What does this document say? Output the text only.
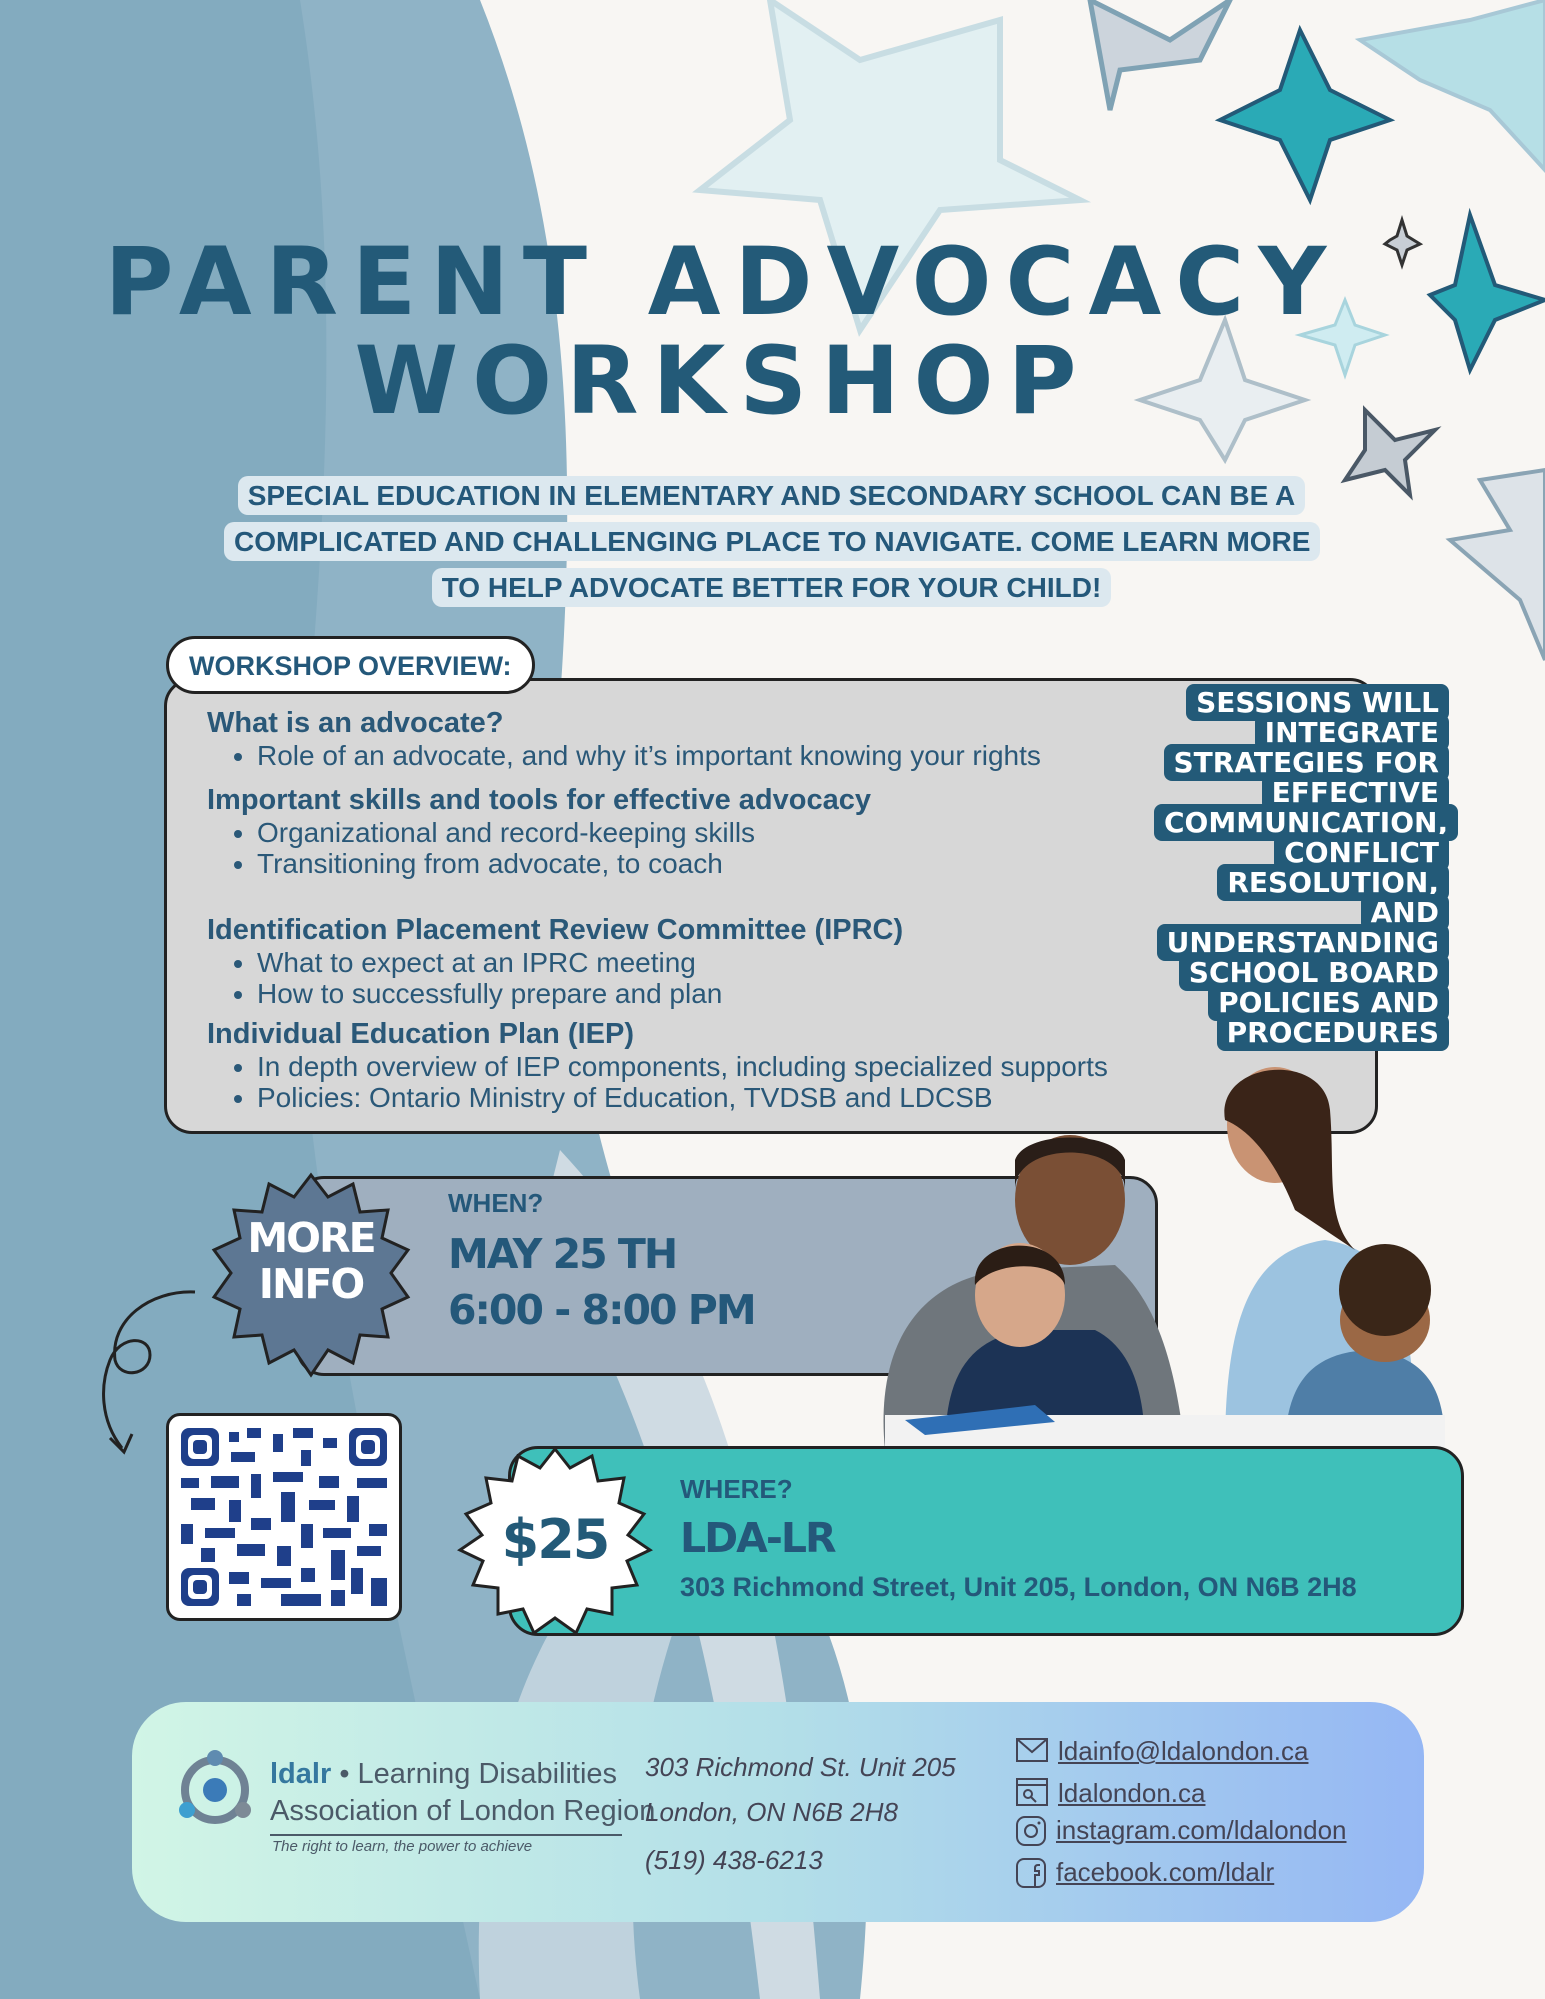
PARENT ADVOCACY
WORKSHOP
SPECIAL EDUCATION IN ELEMENTARY AND SECONDARY SCHOOL CAN BE A COMPLICATED AND CHALLENGING PLACE TO NAVIGATE. COME LEARN MORE TO HELP ADVOCATE BETTER FOR YOUR CHILD!
WORKSHOP OVERVIEW:

What is an advocate?

• Role of an advocate, and why it’s important knowing your rights

Important skills and tools for effective advocacy

• Organizational and record-keeping skills
• Transitioning from advocate, to coach

Identification Placement Review Committee (IPRC)

• What to expect at an IPRC meeting
• How to successfully prepare and plan

Individual Education Plan (IEP)

• In depth overview of IEP components, including specialized supports
• Policies: Ontario Ministry of Education, TVDSB and LDCSB
SESSIONS WILL INTEGRATE STRATEGIES FOR EFFECTIVE COMMUNICATION, CONFLICT RESOLUTION, AND UNDERSTANDING SCHOOL BOARD POLICIES AND PROCEDURES
MORE
INFO
WHEN?
MAY 25 TH
6:00 - 8:00 PM
$25
WHERE?
LDA-LR
303 Richmond Street, Unit 205, London, ON N6B 2H8
ldalr • Learning Disabilities
Association of London Region
The right to learn, the power to achieve
303 Richmond St. Unit 205
London, ON N6B 2H8
(519) 438-6213
ldainfo@ldalondon.ca
ldalondon.ca
instagram.com/ldalondon
facebook.com/ldalr
